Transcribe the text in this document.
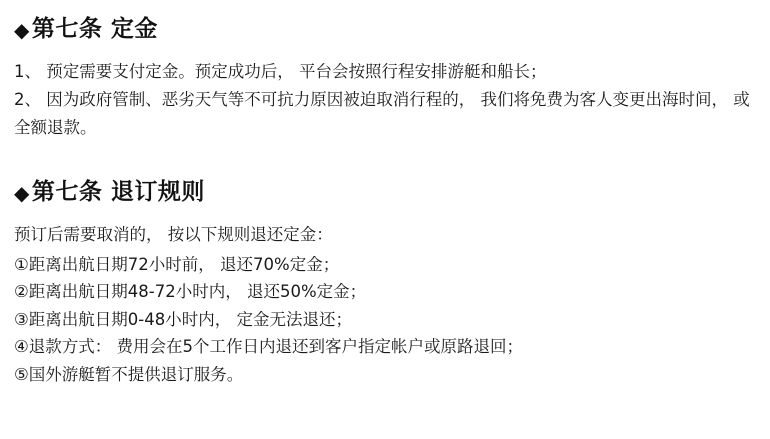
◆ 第七条 定金

1、 预定需要支付定金。预定成功后， 平台会按照行程安排游艇和船长；

2、 因为政府管制、恶劣天气等不可抗力原因被迫取消行程的， 我们将免费为客人变更出海时间， 或全额退款。

◆ 第七条 退订规则
预订后需要取消的， 按以下规则退还定金：
①距离出航日期72小时前， 退还70%定金；
②距离出航日期48-72小时内， 退还50%定金；
③距离出航日期0-48小时内， 定金无法退还；
④退款方式： 费用会在5个工作日内退还到客户指定帐户或原路退回；
⑤国外游艇暂不提供退订服务。
